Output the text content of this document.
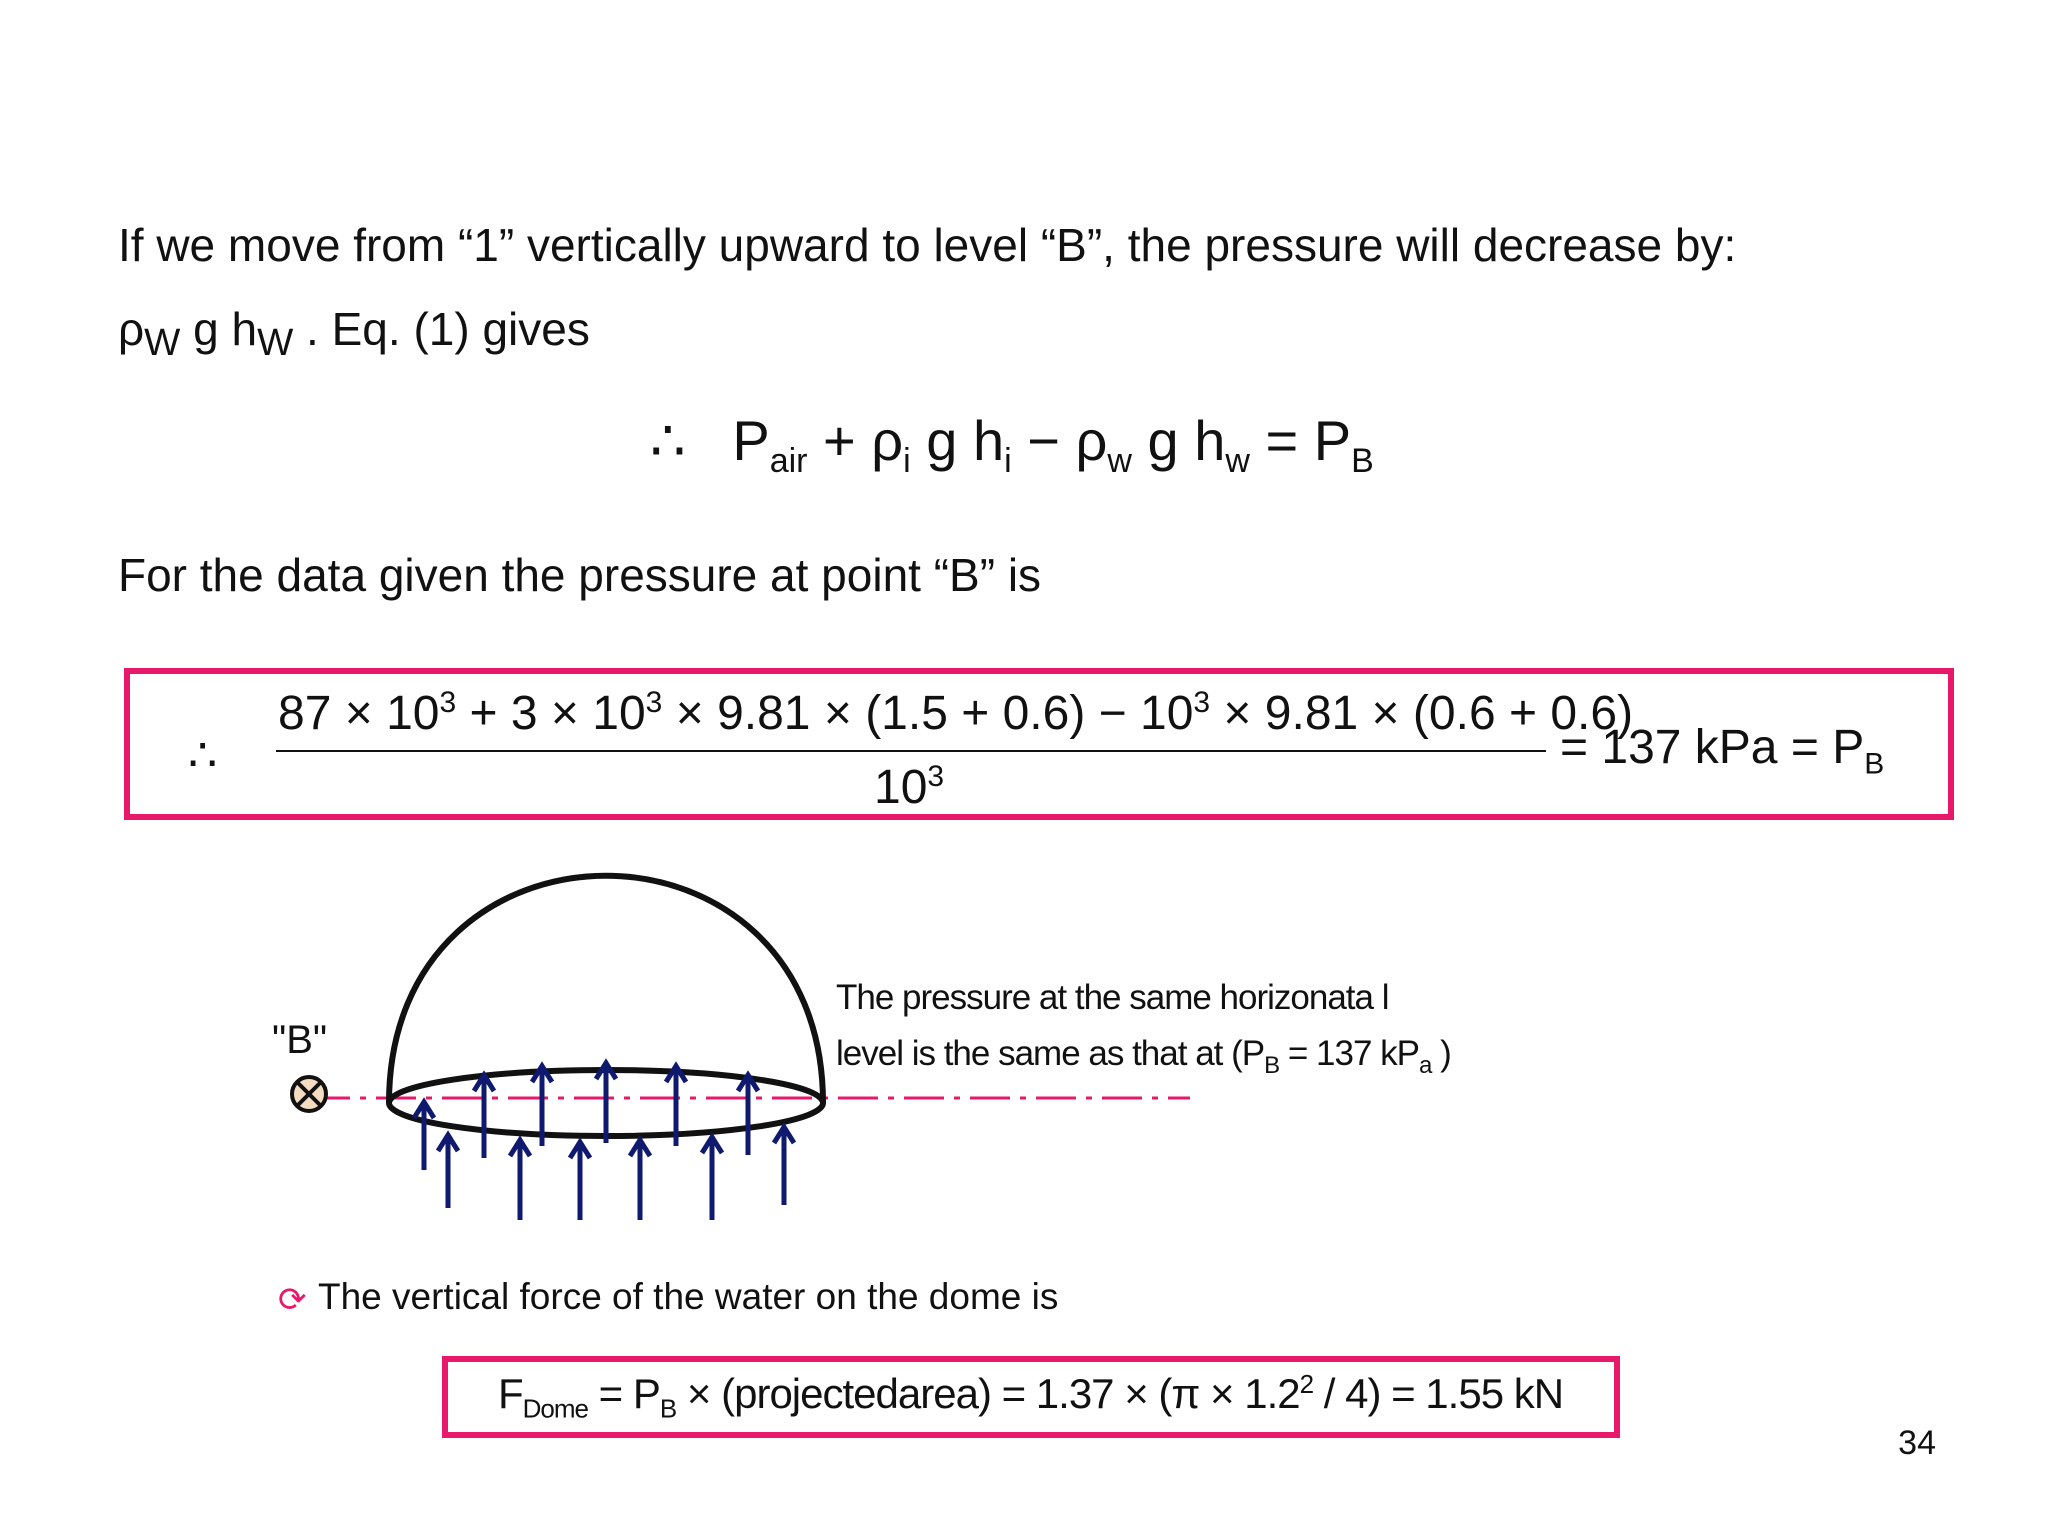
If we move from “1” vertically upward to level “B”, the pressure will decrease by:
$\rho_W$ g $h_W$ . Eq. (1) gives
∴ $P_{air} + \rho_i$ g $h_i - \rho_w$ g $h_w = P_B$
For the data given the pressure at point “B” is
∴
$87 \times 10^3 + 3 \times 10^3 \times 9.81 \times (1.5 + 0.6) - 10^3 \times 9.81 \times (0.6 + 0.6)$
$10^3$
= 137 kPa = $P_B$
"B"
The pressure at the same horizonata l
level is the same as that at ($P_B = 137$ $kP_a$ )
⟳ The vertical force of the water on the dome is
$F_{Dome} = P_B$ × (projectedarea) = $1.37 \times (\pi \times 1.2^2 / 4) = 1.55$ kN
34
